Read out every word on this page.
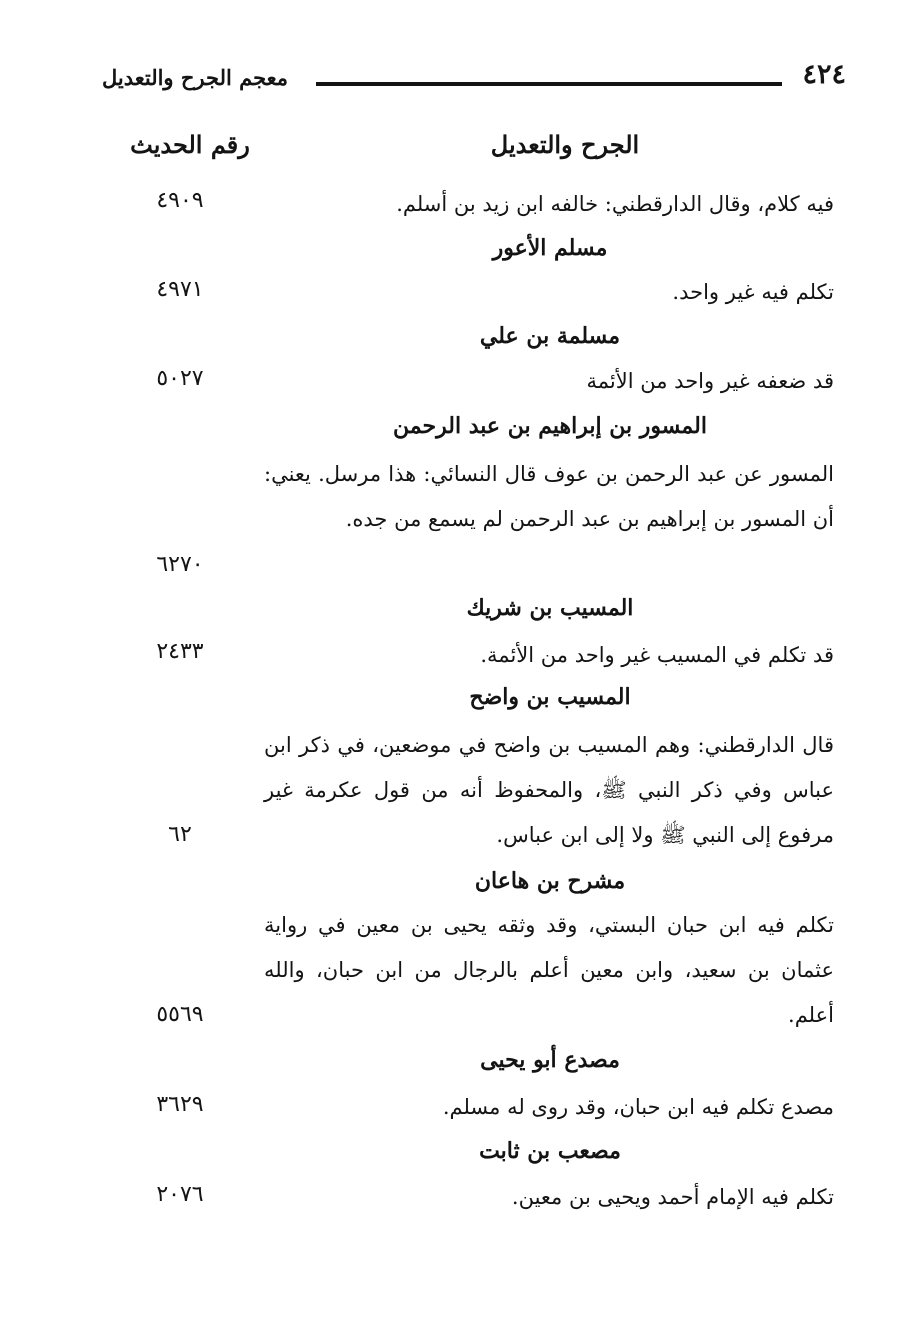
٤٢٤
معجم الجرح والتعديل
الجرح والتعديل
رقم الحديث
فيه كلام، وقال الدارقطني: خالفه ابن زيد بن أسلم.
٤٩٠٩
مسلم الأعور
تكلم فيه غير واحد.
٤٩٧١
مسلمة بن علي
قد ضعفه غير واحد من الأئمة
٥٠٢٧
المسور بن إبراهيم بن عبد الرحمن
المسور عن عبد الرحمن بن عوف قال النسائي: هذا مرسل. يعني: أن المسور بن إبراهيم بن عبد الرحمن لم يسمع من جده.
٦٢٧٠
المسيب بن شريك
قد تكلم في المسيب غير واحد من الأئمة.
٢٤٣٣
المسيب بن واضح
قال الدارقطني: وهم المسيب بن واضح في موضعين، في ذكر ابن عباس وفي ذكر النبي ﷺ، والمحفوظ أنه من قول عكرمة غير مرفوع إلى النبي ﷺ ولا إلى ابن عباس.
٦٢
مشرح بن هاعان
تكلم فيه ابن حبان البستي، وقد وثقه يحيى بن معين في رواية عثمان بن سعيد، وابن معين أعلم بالرجال من ابن حبان، والله أعلم.
٥٥٦٩
مصدع أبو يحيى
مصدع تكلم فيه ابن حبان، وقد روى له مسلم.
٣٦٢٩
مصعب بن ثابت
تكلم فيه الإمام أحمد ويحيى بن معين.
٢٠٧٦
